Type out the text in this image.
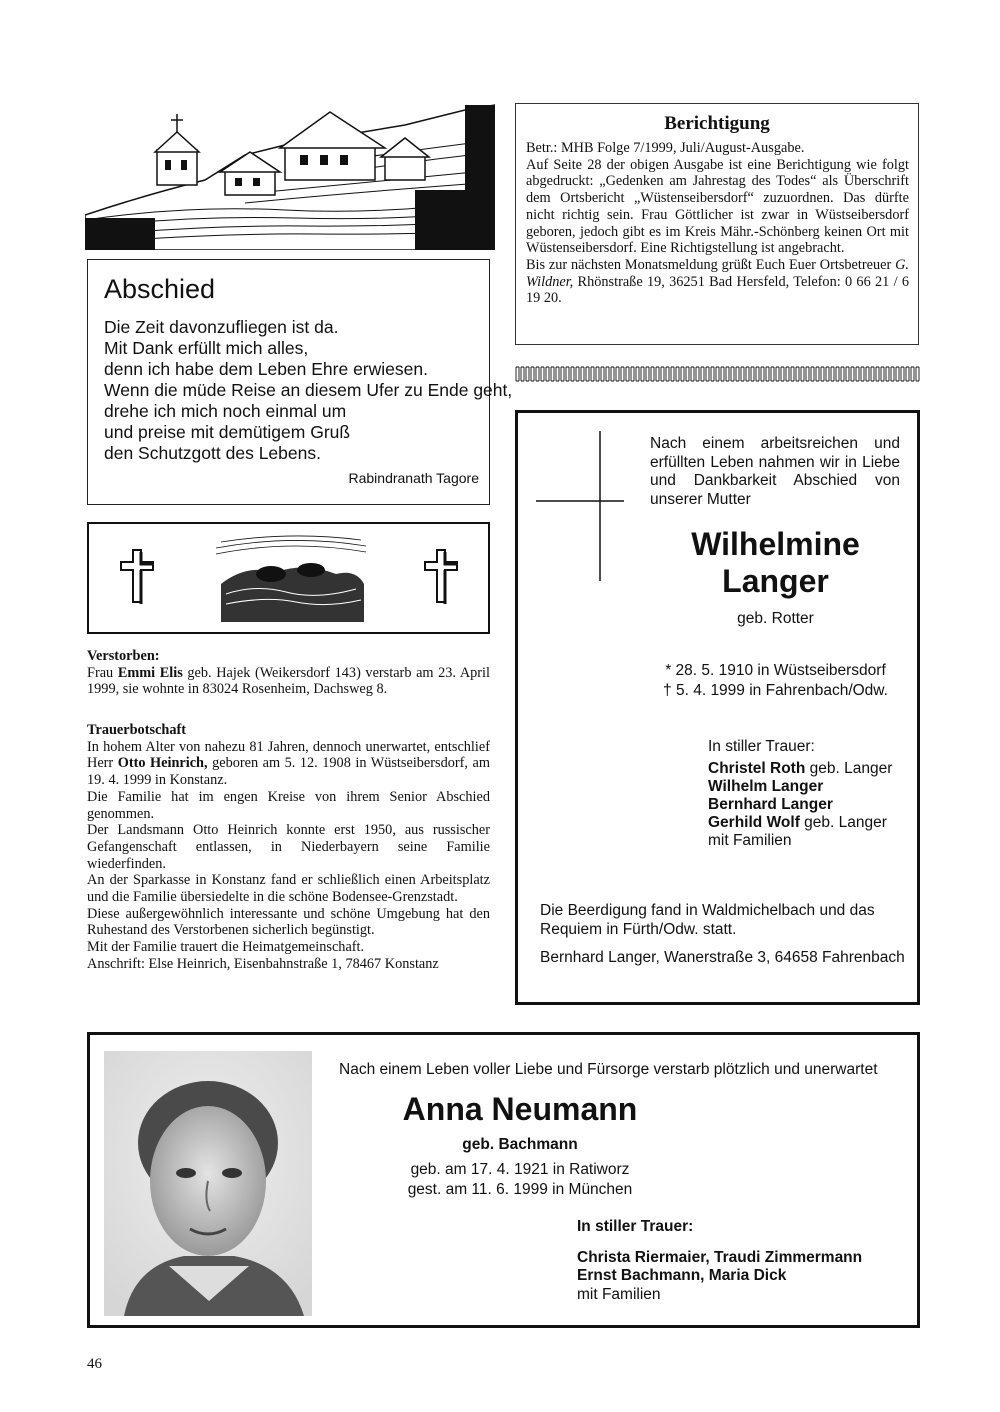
Abschied
Die Zeit davonzufliegen ist da.
Mit Dank erfüllt mich alles,
denn ich habe dem Leben Ehre erwiesen.
Wenn die müde Reise an diesem Ufer zu Ende geht,
drehe ich mich noch einmal um
und preise mit demütigem Gruß
den Schutzgott des Lebens.
Rabindranath Tagore

Verstorben:

Frau Emmi Elis geb. Hajek (Weikersdorf 143) verstarb am 23. April 1999, sie wohnte in 83024 Rosenheim, Dachsweg 8.

Trauerbotschaft

In hohem Alter von nahezu 81 Jahren, dennoch unerwartet, entschlief Herr Otto Heinrich, geboren am 5. 12. 1908 in Wüstseibersdorf, am 19. 4. 1999 in Konstanz.

Die Familie hat im engen Kreise von ihrem Senior Abschied genommen.

Der Landsmann Otto Heinrich konnte erst 1950, aus russischer Gefangenschaft entlassen, in Niederbayern seine Familie wiederfinden.

An der Sparkasse in Konstanz fand er schließlich einen Arbeitsplatz und die Familie übersiedelte in die schöne Bodensee-Grenzstadt.

Diese außergewöhnlich interessante und schöne Umgebung hat den Ruhestand des Verstorbenen sicherlich begünstigt.

Mit der Familie trauert die Heimatgemeinschaft.

Anschrift: Else Heinrich, Eisenbahnstraße 1, 78467 Konstanz

Berichtigung

Betr.: MHB Folge 7/1999, Juli/August-Ausgabe.

Auf Seite 28 der obigen Ausgabe ist eine Berichtigung wie folgt abgedruckt: „Gedenken am Jahrestag des Todes“ als Überschrift dem Ortsbericht „Wüstenseibersdorf“ zuzuordnen. Das dürfte nicht richtig sein. Frau Göttlicher ist zwar in Wüstseibersdorf geboren, jedoch gibt es im Kreis Mähr.-Schönberg keinen Ort mit Wüstenseibersdorf. Eine Richtigstellung ist angebracht.

Bis zur nächsten Monatsmeldung grüßt Euch Euer Ortsbetreuer G. Wildner, Rhönstraße 19, 36251 Bad Hersfeld, Telefon: 0 66 21 / 6 19 20.

Nach einem arbeitsreichen und erfüllten Leben nahmen wir in Liebe und Dankbarkeit Abschied von unserer Mutter
Wilhelmine
Langer
geb. Rotter
* 28. 5. 1910 in Wüstseibersdorf
† 5. 4. 1999 in Fahrenbach/Odw.
In stiller Trauer:
Christel Roth geb. Langer
Wilhelm Langer
Bernhard Langer
Gerhild Wolf geb. Langer
mit Familien
Die Beerdigung fand in Waldmichelbach und das Requiem in Fürth/Odw. statt.
Bernhard Langer, Wanerstraße 3, 64658 Fahrenbach
Nach einem Leben voller Liebe und Fürsorge verstarb plötzlich und unerwartet
Anna Neumann
geb. Bachmann
geb. am 17. 4. 1921 in Ratiworz
gest. am 11. 6. 1999 in München
In stiller Trauer:
Christa Riermaier, Traudi Zimmermann
Ernst Bachmann, Maria Dick
mit Familien
46
